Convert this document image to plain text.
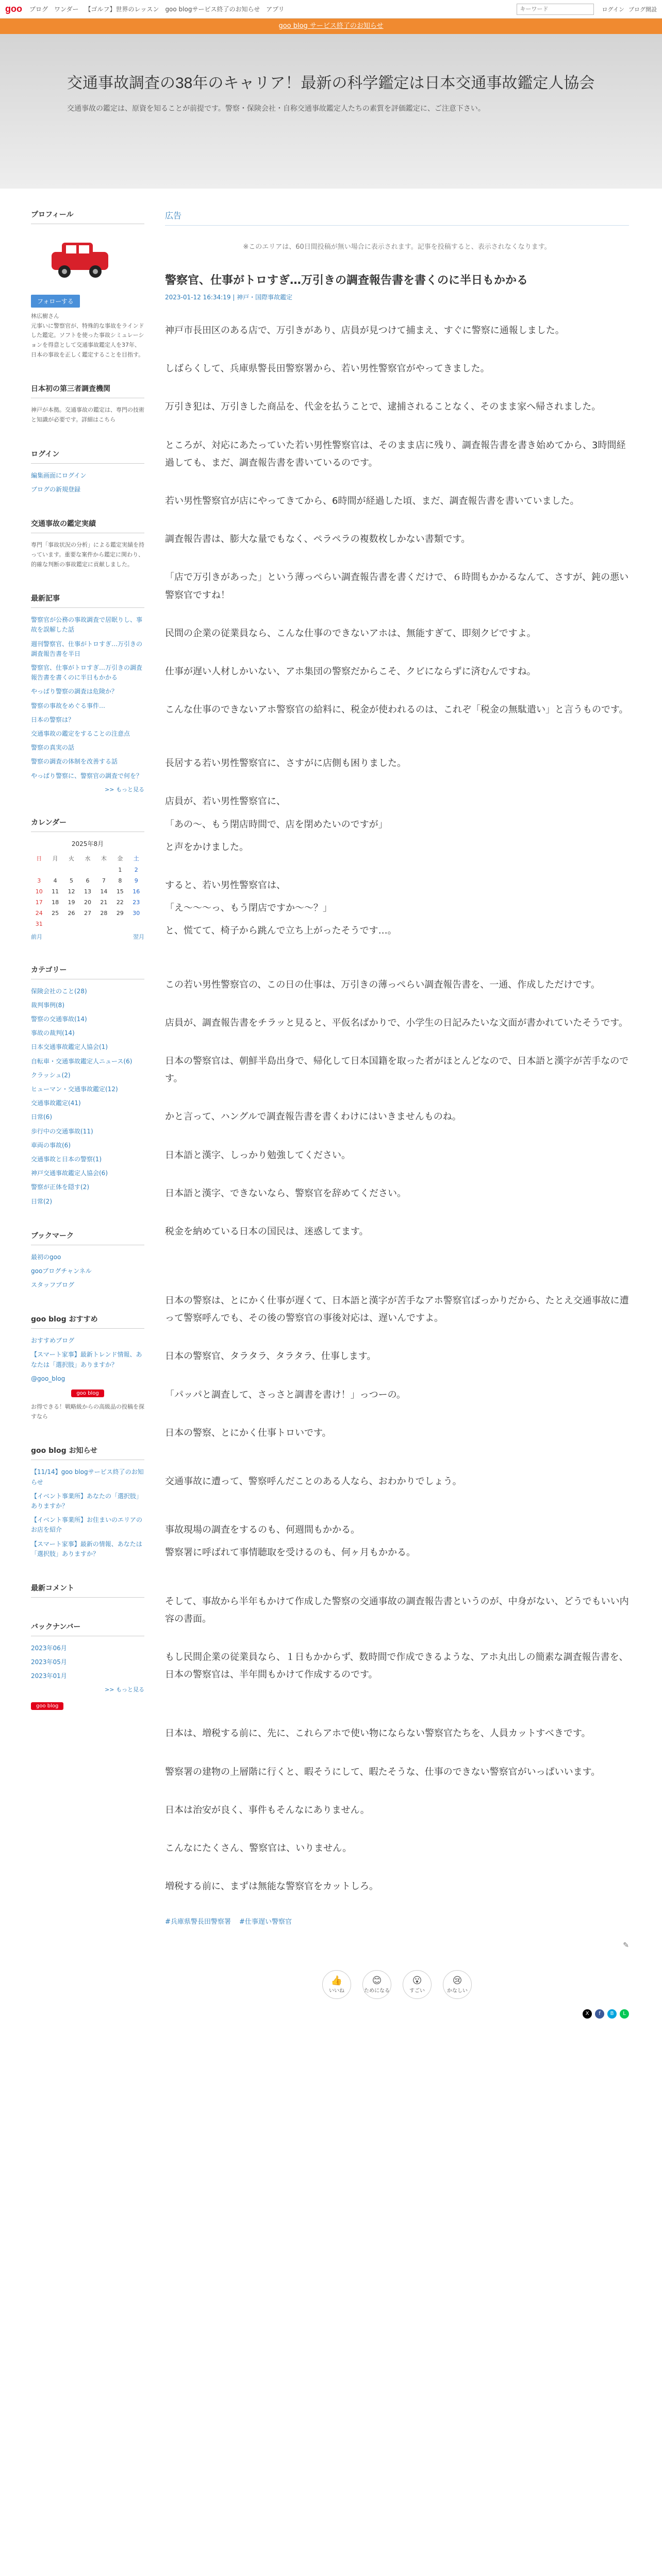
goo ブログ ワンダー 【ゴルフ】世界のレッスン goo blogサービス終了のお知らせ アプリ
キーワード	ログイン ブログ開設
goo blog サービス終了のお知らせ
交通事故調査の38年のキャリア！最新の科学鑑定は日本交通事故鑑定人協会

交通事故の鑑定は、原資を知ることが前提です。警察・保険会社・自称交通事故鑑定人たちの素質を評価鑑定に、ご注意下さい。

プロフィール
フォローする
林広樹さん

元事いに警察官が、特殊的な事故をラインドした鑑定。ソフトを使った事故シミュレーションを得意として交通事故鑑定人を37年、日本の事故を正しく鑑定することを目指す。

日本初の第三者調査機関

神戸が本拠。交通事故の鑑定は、専門の技術と知識が必要です。詳細はこちら

ログイン
編集画面にログイン
ブログの新規登録
交通事故の鑑定実績

専門「事故状況の分析」による鑑定実績を持っています。重要な案件から鑑定に関わり、的確な判断の事故鑑定に貢献しました。

最新記事
警察官が公務の事故調査で居眠りし、事故を誤解した話
週刊警察官、仕事がトロすぎ…万引きの調査報告書を半日
警察官、仕事がトロすぎ…万引きの調査報告書を書くのに半日もかかる
やっぱり警察の調査は危険か？
警察の事故をめぐる事件…
日本の警察は？
交通事故の鑑定をすることの注意点
警察の真実の話
警察の調査の体制を改善する話
やっぱり警察に、警察官の調査で何を？
>> もっと見る
カレンダー
2025年8月
日	月	火	水	木	金	土
					1	2
3	4	5	6	7	8	9
10	11	12	13	14	15	16
17	18	19	20	21	22	23
24	25	26	27	28	29	30
31						
前月	翌月
カテゴリー
保険会社のこと(28)
裁判事例(8)
警察の交通事故(14)
事故の裁判(14)
日本交通事故鑑定人協会(1)
自転車・交通事故鑑定人ニュース(6)
クラッシュ(2)
ヒューマン・交通事故鑑定(12)
交通事故鑑定(41)
日常(6)
歩行中の交通事故(11)
車両の事故(6)
交通事故と日本の警察(1)
神戸交通事故鑑定人協会(6)
警察が正体を隠す(2)
日常(2)
ブックマーク
最初のgoo
gooブログチャンネル
スタッフブログ
goo blog おすすめ
おすすめブログ
【スマート家事】最新トレンド情報、あなたは「選択肢」ありますか？
@goo_blog
goo blog

お得できる！戦略級からの高級品の投稿を探すなら

goo blog お知らせ
【11/14】goo blogサービス終了のお知らせ
【イベント事業所】あなたの「選択肢」ありますか？
【イベント事業所】お住まいのエリアのお店を紹介
【スマート家事】最新の情報、あなたは「選択肢」ありますか？
最新コメント
バックナンバー
2023年06月
2023年05月
2023年01月
>> もっと見る
goo blog
広告

※このエリアは、60日間投稿が無い場合に表示されます。記事を投稿すると、表示されなくなります。

警察官、仕事がトロすぎ…万引きの調査報告書を書くのに半日もかかる
2023-01-12 16:34:19 | 神戸・国際事故鑑定

神戸市長田区のある店で、万引きがあり、店員が見つけて捕まえ、すぐに警察に通報しました。

しばらくして、兵庫県警長田警察署から、若い男性警察官がやってきました。

万引き犯は、万引きした商品を、代金を払うことで、逮捕されることなく、そのまま家へ帰されました。

ところが、対応にあたっていた若い男性警察官は、そのまま店に残り、調査報告書を書き始めてから、3時間経過しても、まだ、調査報告書を書いているのです。

若い男性警察官が店にやってきてから、6時間が経過した頃、まだ、調査報告書を書いていました。

調査報告書は、膨大な量でもなく、ペラペラの複数枚しかない書類です。

「店で万引きがあった」という薄っぺらい調査報告書を書くだけで、６時間もかかるなんて、さすが、鈍の悪い警察官ですね！

民間の企業の従業員なら、こんな仕事のできないアホは、無能すぎて、即刻クビですよ。

仕事が遅い人材しかいない、アホ集団の警察だからこそ、クビにならずに済むんですね。

こんな仕事のできないアホ警察官の給料に、税金が使われるのは、これぞ「税金の無駄遣い」と言うものです。

長居する若い男性警察官に、さすがに店側も困りました。

店員が、若い男性警察官に、

「あの〜、もう閉店時間で、店を閉めたいのですが」

と声をかけました。

すると、若い男性警察官は、

「え〜〜〜っ、もう閉店ですか〜〜？」

と、慌てて、椅子から跳んで立ち上がったそうです…。

この若い男性警察官の、この日の仕事は、万引きの薄っぺらい調査報告書を、一通、作成しただけです。

店員が、調査報告書をチラッと見ると、平仮名ばかりで、小学生の日記みたいな文面が書かれていたそうです。

日本の警察官は、朝鮮半島出身で、帰化して日本国籍を取った者がほとんどなので、日本語と漢字が苦手なのです。

かと言って、ハングルで調査報告書を書くわけにはいきませんものね。

日本語と漢字、しっかり勉強してください。

日本語と漢字、できないなら、警察官を辞めてください。

税金を納めている日本の国民は、迷惑してます。

日本の警察は、とにかく仕事が遅くて、日本語と漢字が苦手なアホ警察官ばっかりだから、たとえ交通事故に遭って警察呼んでも、その後の警察官の事後対応は、遅いんですよ。

日本の警察官、タラタラ、タラタラ、仕事します。

「パッパと調査して、さっさと調書を書け！」っつーの。

日本の警察、とにかく仕事トロいです。

交通事故に遭って、警察呼んだことのある人なら、おわかりでしょう。

事故現場の調査をするのも、何週間もかかる。

警察署に呼ばれて事情聴取を受けるのも、何ヶ月もかかる。

そして、事故から半年もかけて作成した警察の交通事故の調査報告書というのが、中身がない、どうでもいい内容の書面。

もし民間企業の従業員なら、１日もかからず、数時間で作成できるような、アホ丸出しの簡素な調査報告書を、日本の警察官は、半年間もかけて作成するのです。

日本は、増税する前に、先に、これらアホで使い物にならない警察官たちを、人員カットすべきです。

警察署の建物の上層階に行くと、暇そうにして、暇たそうな、仕事のできない警察官がいっぱいいます。

日本は治安が良く、事件もそんなにありません。

こんなにたくさん、警察官は、いりません。

増税する前に、まずは無能な警察官をカットしろ。

#兵庫県警長田警察署 #仕事遅い警察官
✎
👍
いいね
😊
ためになる
😮
すごい
😢
かなしい
X	f	B	L
